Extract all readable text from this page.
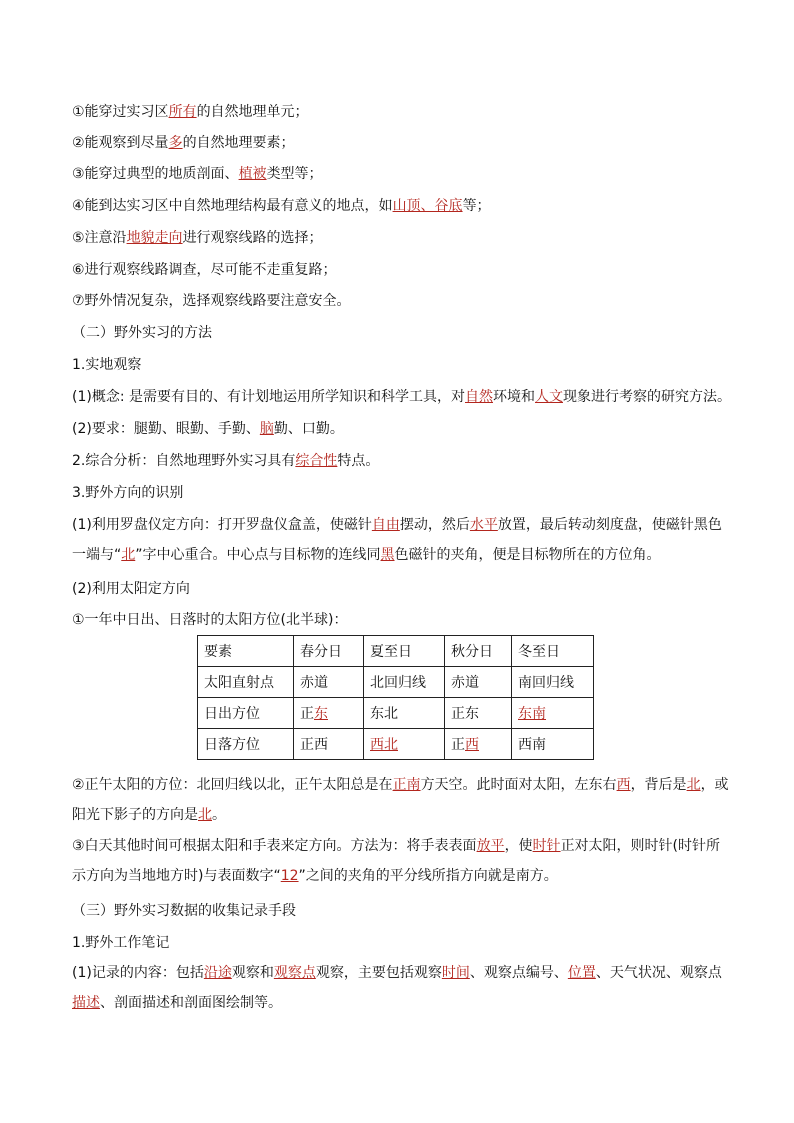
①能穿过实习区所有的自然地理单元；
②能观察到尽量多的自然地理要素；
③能穿过典型的地质剖面、植被类型等；
④能到达实习区中自然地理结构最有意义的地点，如山顶、谷底等；
⑤注意沿地貌走向进行观察线路的选择；
⑥进行观察线路调查，尽可能不走重复路；
⑦野外情况复杂，选择观察线路要注意安全。
（二）野外实习的方法
1.实地观察
(1)概念: 是需要有目的、有计划地运用所学知识和科学工具，对自然环境和人文现象进行考察的研究方法。
(2)要求：腿勤、眼勤、手勤、脑勤、口勤。
2.综合分析：自然地理野外实习具有综合性特点。
3.野外方向的识别
(1)利用罗盘仪定方向：打开罗盘仪盒盖，使磁针自由摆动，然后水平放置，最后转动刻度盘，使磁针黑色一端与“北”字中心重合。中心点与目标物的连线同黑色磁针的夹角，便是目标物所在的方位角。
(2)利用太阳定方向
①一年中日出、日落时的太阳方位(北半球)：
要素	春分日	夏至日	秋分日	冬至日
太阳直射点	赤道	北回归线	赤道	南回归线
日出方位	正东	东北	正东	东南
日落方位	正西	西北	正西	西南
②正午太阳的方位：北回归线以北，正午太阳总是在正南方天空。此时面对太阳，左东右西，背后是北，或阳光下影子的方向是北。
③白天其他时间可根据太阳和手表来定方向。方法为：将手表表面放平，使时针正对太阳，则时针(时针所示方向为当地地方时)与表面数字“12”之间的夹角的平分线所指方向就是南方。
（三）野外实习数据的收集记录手段
1.野外工作笔记
(1)记录的内容：包括沿途观察和观察点观察，主要包括观察时间、观察点编号、位置、天气状况、观察点描述、剖面描述和剖面图绘制等。
